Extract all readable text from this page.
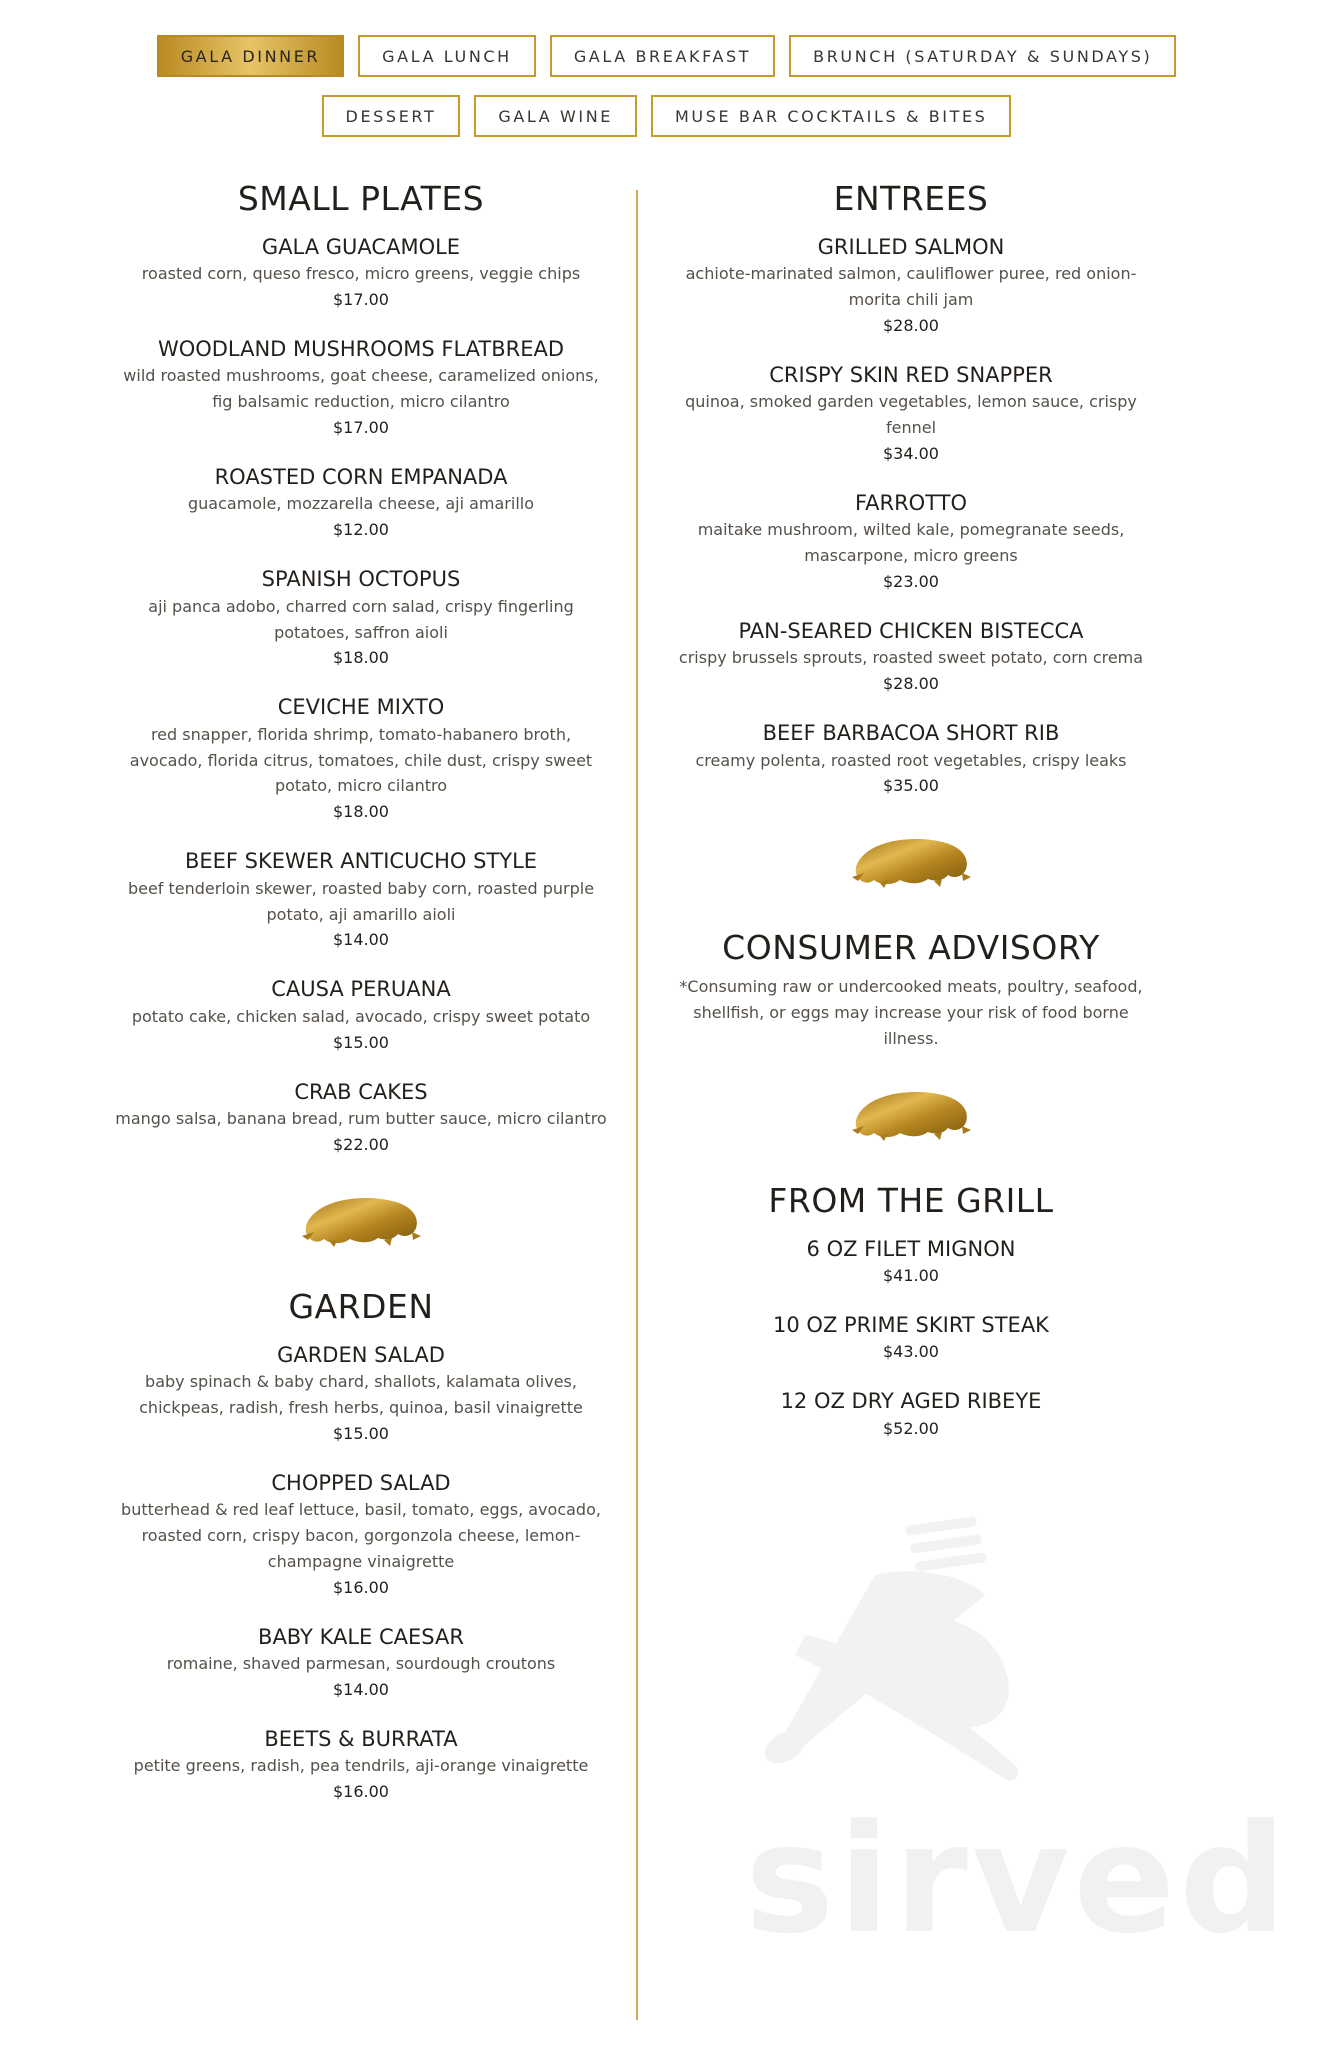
GALA DINNER	GALA LUNCH	GALA BREAKFAST	BRUNCH (SATURDAY & SUNDAYS)
DESSERT	GALA WINE	MUSE BAR COCKTAILS & BITES
SMALL PLATES
GALA GUACAMOLE
roasted corn, queso fresco, micro greens, veggie chips
$17.00
WOODLAND MUSHROOMS FLATBREAD
wild roasted mushrooms, goat cheese, caramelized onions, fig balsamic reduction, micro cilantro
$17.00
ROASTED CORN EMPANADA
guacamole, mozzarella cheese, aji amarillo
$12.00
SPANISH OCTOPUS
aji panca adobo, charred corn salad, crispy fingerling potatoes, saffron aioli
$18.00
CEVICHE MIXTO
red snapper, florida shrimp, tomato-habanero broth, avocado, florida citrus, tomatoes, chile dust, crispy sweet potato, micro cilantro
$18.00
BEEF SKEWER ANTICUCHO STYLE
beef tenderloin skewer, roasted baby corn, roasted purple potato, aji amarillo aioli
$14.00
CAUSA PERUANA
potato cake, chicken salad, avocado, crispy sweet potato
$15.00
CRAB CAKES
mango salsa, banana bread, rum butter sauce, micro cilantro
$22.00
GARDEN
GARDEN SALAD
baby spinach & baby chard, shallots, kalamata olives, chickpeas, radish, fresh herbs, quinoa, basil vinaigrette
$15.00
CHOPPED SALAD
butterhead & red leaf lettuce, basil, tomato, eggs, avocado, roasted corn, crispy bacon, gorgonzola cheese, lemon-champagne vinaigrette
$16.00
BABY KALE CAESAR
romaine, shaved parmesan, sourdough croutons
$14.00
BEETS & BURRATA
petite greens, radish, pea tendrils, aji-orange vinaigrette
$16.00
ENTREES
GRILLED SALMON
achiote-marinated salmon, cauliflower puree, red onion-morita chili jam
$28.00
CRISPY SKIN RED SNAPPER
quinoa, smoked garden vegetables, lemon sauce, crispy fennel
$34.00
FARROTTO
maitake mushroom, wilted kale, pomegranate seeds, mascarpone, micro greens
$23.00
PAN-SEARED CHICKEN BISTECCA
crispy brussels sprouts, roasted sweet potato, corn crema
$28.00
BEEF BARBACOA SHORT RIB
creamy polenta, roasted root vegetables, crispy leaks
$35.00
CONSUMER ADVISORY
*Consuming raw or undercooked meats, poultry, seafood, shellfish, or eggs may increase your risk of food borne illness.
FROM THE GRILL
6 OZ FILET MIGNON
$41.00
10 OZ PRIME SKIRT STEAK
$43.00
12 OZ DRY AGED RIBEYE
$52.00
sirved
